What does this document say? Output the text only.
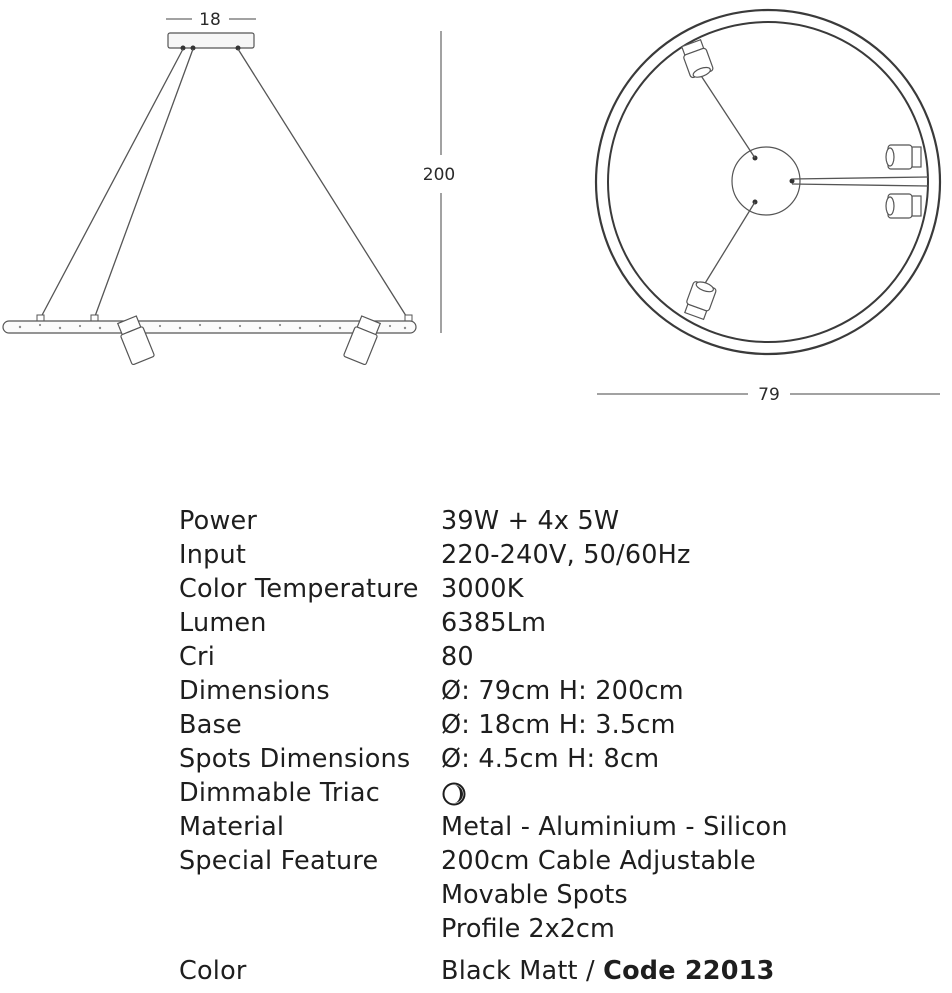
18
200
79
Power	39W + 4x 5W
Input	220-240V, 50/60Hz
Color Temperature 3000K
Lumen	6385Lm
Cri	80
Dimensions	Ø: 79cm H: 200cm
Base	Ø: 18cm H: 3.5cm
Spots Dimensions Ø: 4.5cm H: 8cm
Dimmable Triac
Material	Metal - Aluminium - Silicon
Special Feature 200cm Cable Adjustable
Movable Spots
Profile 2x2cm
Color	Black Matt / Code 22013
